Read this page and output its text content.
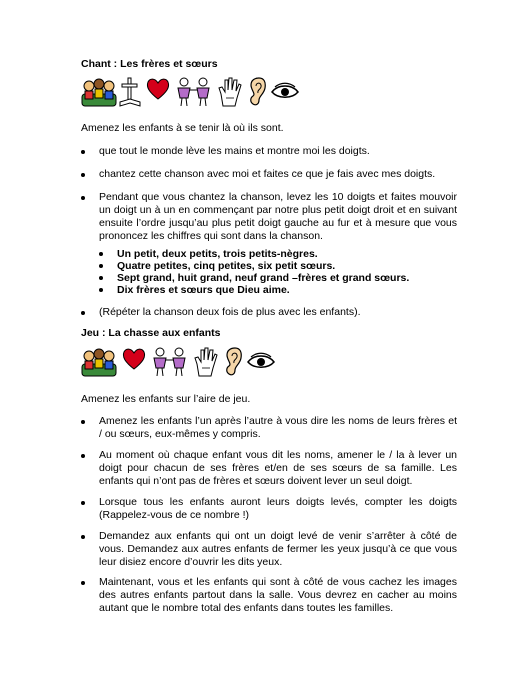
Chant : Les frères et sœurs

Amenez les enfants à se tenir là où ils sont.

que tout le monde lève les mains et montre moi les doigts.
chantez cette chanson avec moi et faites ce que je fais avec mes doigts.
Pendant que vous chantez la chanson, levez les 10 doigts et faites mouvoir un doigt un à un en commençant par notre plus petit doigt droit et en suivant ensuite l’ordre jusqu’au plus petit doigt gauche au fur et à mesure que vous prononcez les chiffres qui sont dans la chanson.
Un petit, deux petits, trois petits-nègres.
Quatre petites, cinq petites, six petit sœurs.
Sept grand, huit grand, neuf grand –frères et grand sœurs.
Dix frères et sœurs que Dieu aime.
(Répéter la chanson deux fois de plus avec les enfants).
Jeu : La chasse aux enfants

Amenez les enfants sur l’aire de jeu.

Amenez les enfants l’un après l’autre à vous dire les noms de leurs frères et / ou sœurs, eux-mêmes y compris.
Au moment où chaque enfant vous dit les noms, amener le / la à lever un doigt pour chacun de ses frères et/en de ses sœurs de sa famille. Les enfants qui n’ont pas de frères et sœurs doivent lever un seul doigt.
Lorsque tous les enfants auront leurs doigts levés, compter les doigts (Rappelez-vous de ce nombre !)
Demandez aux enfants qui ont un doigt levé de venir s’arrêter à côté de vous. Demandez aux autres enfants de fermer les yeux jusqu’à ce que vous leur disiez encore d’ouvrir les dits yeux.
Maintenant, vous et les enfants qui sont à côté de vous cachez les images des autres enfants partout dans la salle. Vous devrez en cacher au moins autant que le nombre total des enfants dans toutes les familles.
